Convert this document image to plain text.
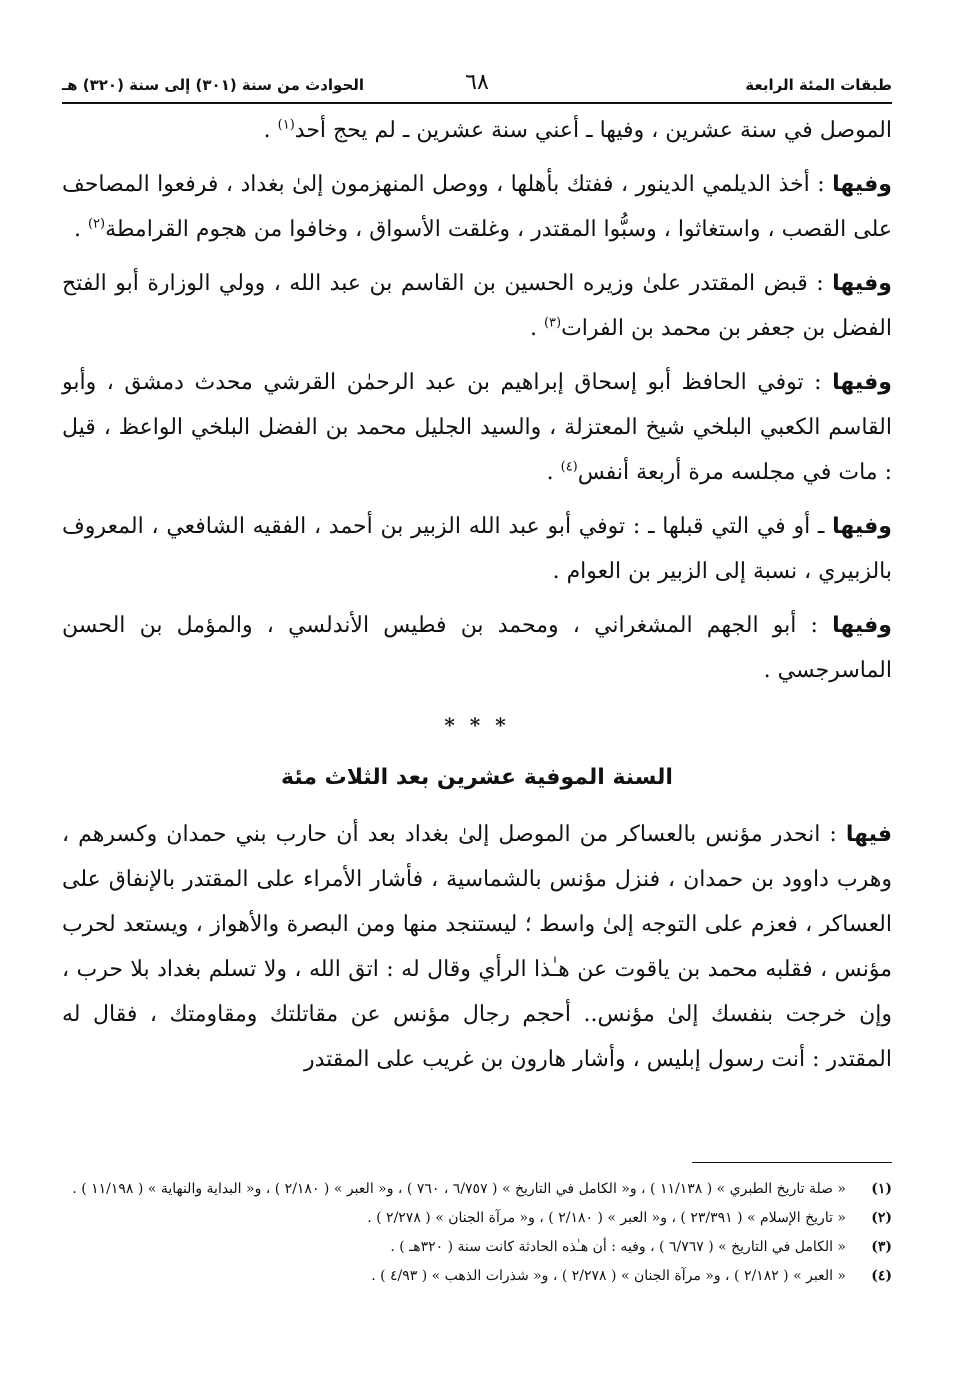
طبقات المئة الرابعة
٦٨
الحوادث من سنة (٣٠١) إلى سنة (٣٢٠) هـ

الموصل في سنة عشرين ، وفيها ـ أعني سنة عشرين ـ لم يحج أحد$^{(١)}$ .

وفيها : أخذ الديلمي الدينور ، ففتك بأهلها ، ووصل المنهزمون إلىٰ بغداد ، فرفعوا المصاحف على القصب ، واستغاثوا ، وسبُّوا المقتدر ، وغلقت الأسواق ، وخافوا من هجوم القرامطة$^{(٢)}$ .

وفيها : قبض المقتدر علىٰ وزيره الحسين بن القاسم بن عبد الله ، وولي الوزارة أبو الفتح الفضل بن جعفر بن محمد بن الفرات$^{(٣)}$ .

وفيها : توفي الحافظ أبو إسحاق إبراهيم بن عبد الرحمٰن القرشي محدث دمشق ، وأبو القاسم الكعبي البلخي شيخ المعتزلة ، والسيد الجليل محمد بن الفضل البلخي الواعظ ، قيل : مات في مجلسه مرة أربعة أنفس$^{(٤)}$ .

وفيها ـ أو في التي قبلها ـ : توفي أبو عبد الله الزبير بن أحمد ، الفقيه الشافعي ، المعروف بالزبيري ، نسبة إلى الزبير بن العوام .

وفيها : أبو الجهم المشغراني ، ومحمد بن فطيس الأندلسي ، والمؤمل بن الحسن الماسرجسي .

* * *
السنة الموفية عشرين بعد الثلاث مئة

فيها : انحدر مؤنس بالعساكر من الموصل إلىٰ بغداد بعد أن حارب بني حمدان وكسرهم ، وهرب داوود بن حمدان ، فنزل مؤنس بالشماسية ، فأشار الأمراء على المقتدر بالإنفاق على العساكر ، فعزم على التوجه إلىٰ واسط ؛ ليستنجد منها ومن البصرة والأهواز ، ويستعد لحرب مؤنس ، فقلبه محمد بن ياقوت عن هـٰذا الرأي وقال له : اتق الله ، ولا تسلم بغداد بلا حرب ، وإن خرجت بنفسك إلىٰ مؤنس.. أحجم رجال مؤنس عن مقاتلتك ومقاومتك ، فقال له المقتدر : أنت رسول إبليس ، وأشار هارون بن غريب على المقتدر

(١)
« صلة تاريخ الطبري » ( ١١/١٣٨ ) ، و« الكامل في التاريخ » ( ٦/٧٥٧ ، ٧٦٠ ) ، و« العبر » ( ٢/١٨٠ ) ، و« البداية والنهاية » ( ١١/١٩٨ ) .
(٢)
« تاريخ الإسلام » ( ٢٣/٣٩١ ) ، و« العبر » ( ٢/١٨٠ ) ، و« مرآة الجنان » ( ٢/٢٧٨ ) .
(٣)
« الكامل في التاريخ » ( ٦/٧٦٧ ) ، وفيه : أن هـٰذه الحادثة كانت سنة ( ٣٢٠هـ ) .
(٤)
« العبر » ( ٢/١٨٢ ) ، و« مرآة الجنان » ( ٢/٢٧٨ ) ، و« شذرات الذهب » ( ٤/٩٣ ) .
